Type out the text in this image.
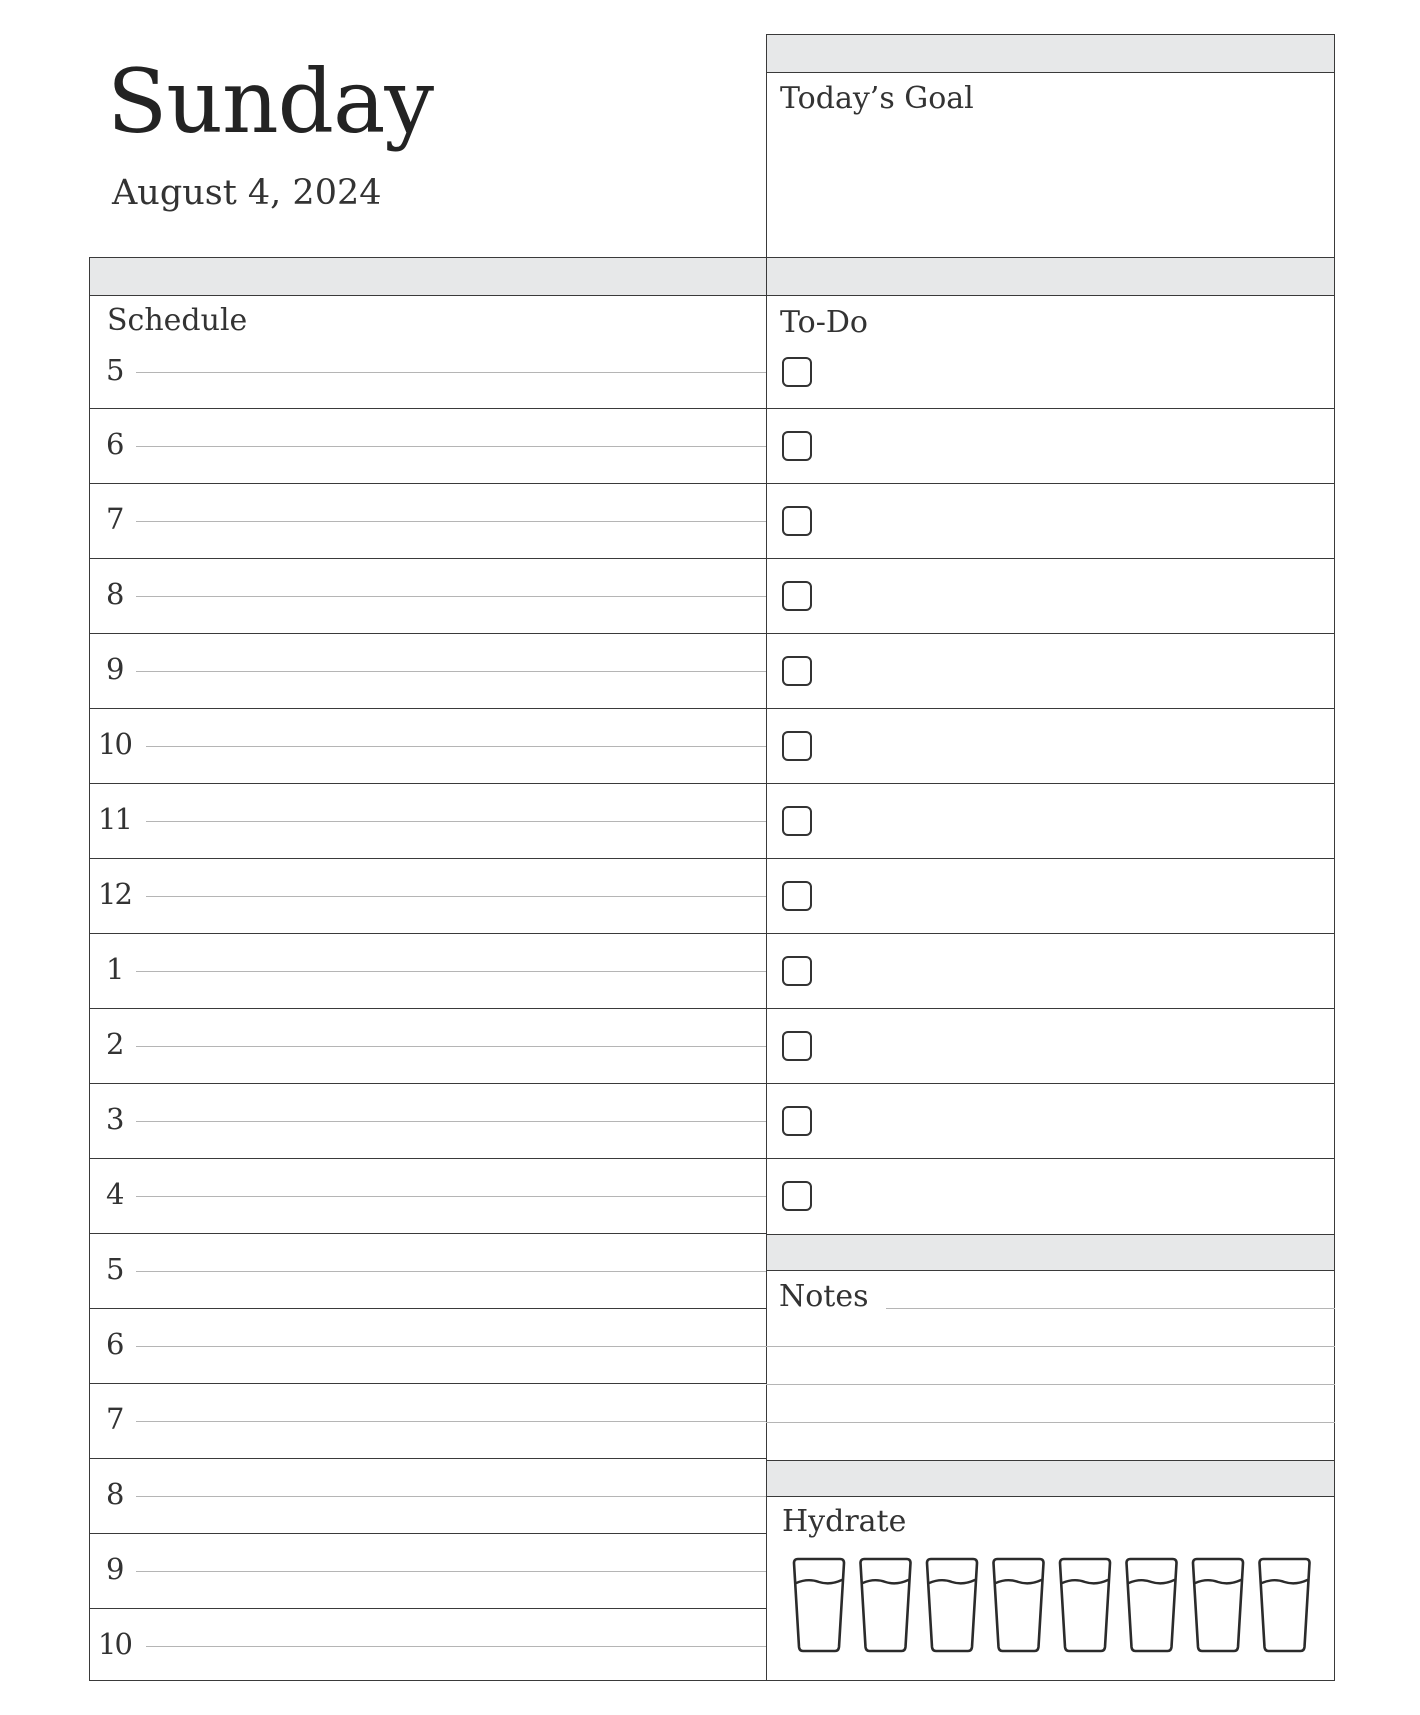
Sunday
August 4, 2024
Today’s Goal
Schedule	To-Do
Notes
Hydrate
5
6
7
8
9
10
11
12
1
2
3
4
5
6
7
8
9
10
